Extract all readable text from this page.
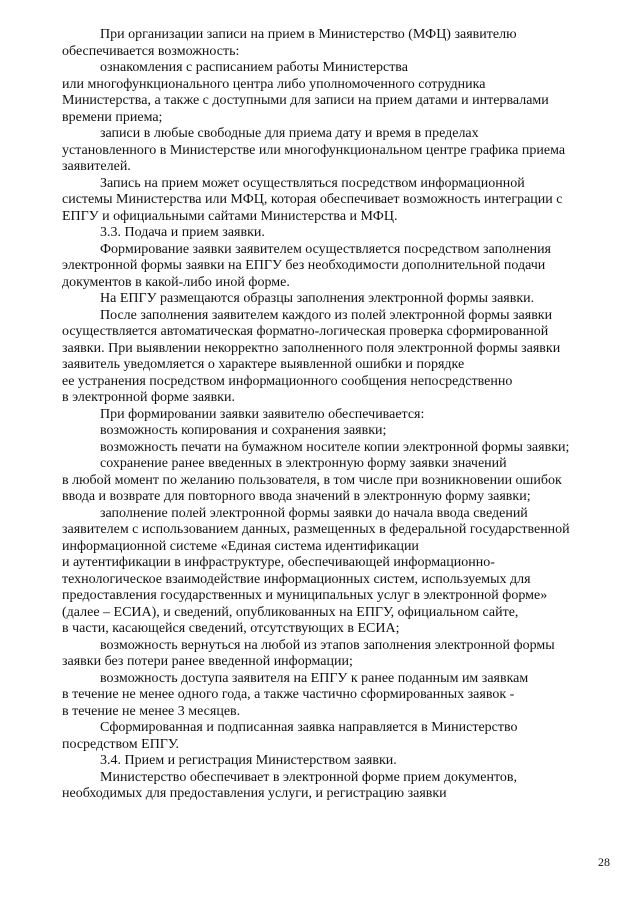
При организации записи на прием в Министерство (МФЦ) заявителю
обеспечивается возможность:

ознакомления с расписанием работы Министерства
или многофункционального центра либо уполномоченного сотрудника
Министерства, а также с доступными для записи на прием датами и интервалами
времени приема;

записи в любые свободные для приема дату и время в пределах
установленного в Министерстве или многофункциональном центре графика приема
заявителей.

Запись на прием может осуществляться посредством информационной
системы Министерства или МФЦ, которая обеспечивает возможность интеграции с
ЕПГУ и официальными сайтами Министерства и МФЦ.

3.3. Подача и прием заявки.

Формирование заявки заявителем осуществляется посредством заполнения
электронной формы заявки на ЕПГУ без необходимости дополнительной подачи
документов в какой-либо иной форме.

На ЕПГУ размещаются образцы заполнения электронной формы заявки.

После заполнения заявителем каждого из полей электронной формы заявки
осуществляется автоматическая форматно-логическая проверка сформированной
заявки. При выявлении некорректно заполненного поля электронной формы заявки
заявитель уведомляется о характере выявленной ошибки и порядке
ее устранения посредством информационного сообщения непосредственно
в электронной форме заявки.

При формировании заявки заявителю обеспечивается:

возможность копирования и сохранения заявки;

возможность печати на бумажном носителе копии электронной формы заявки;

сохранение ранее введенных в электронную форму заявки значений
в любой момент по желанию пользователя, в том числе при возникновении ошибок
ввода и возврате для повторного ввода значений в электронную форму заявки;

заполнение полей электронной формы заявки до начала ввода сведений
заявителем с использованием данных, размещенных в федеральной государственной
информационной системе «Единая система идентификации
и аутентификации в инфраструктуре, обеспечивающей информационно-
технологическое взаимодействие информационных систем, используемых для
предоставления государственных и муниципальных услуг в электронной форме»
(далее – ЕСИА), и сведений, опубликованных на ЕПГУ, официальном сайте,
в части, касающейся сведений, отсутствующих в ЕСИА;

возможность вернуться на любой из этапов заполнения электронной формы
заявки без потери ранее введенной информации;

возможность доступа заявителя на ЕПГУ к ранее поданным им заявкам
в течение не менее одного года, а также частично сформированных заявок -
в течение не менее 3 месяцев.

Сформированная и подписанная заявка направляется в Министерство
посредством ЕПГУ.

3.4. Прием и регистрация Министерством заявки.

Министерство обеспечивает в электронной форме прием документов,
необходимых для предоставления услуги, и регистрацию заявки

28
